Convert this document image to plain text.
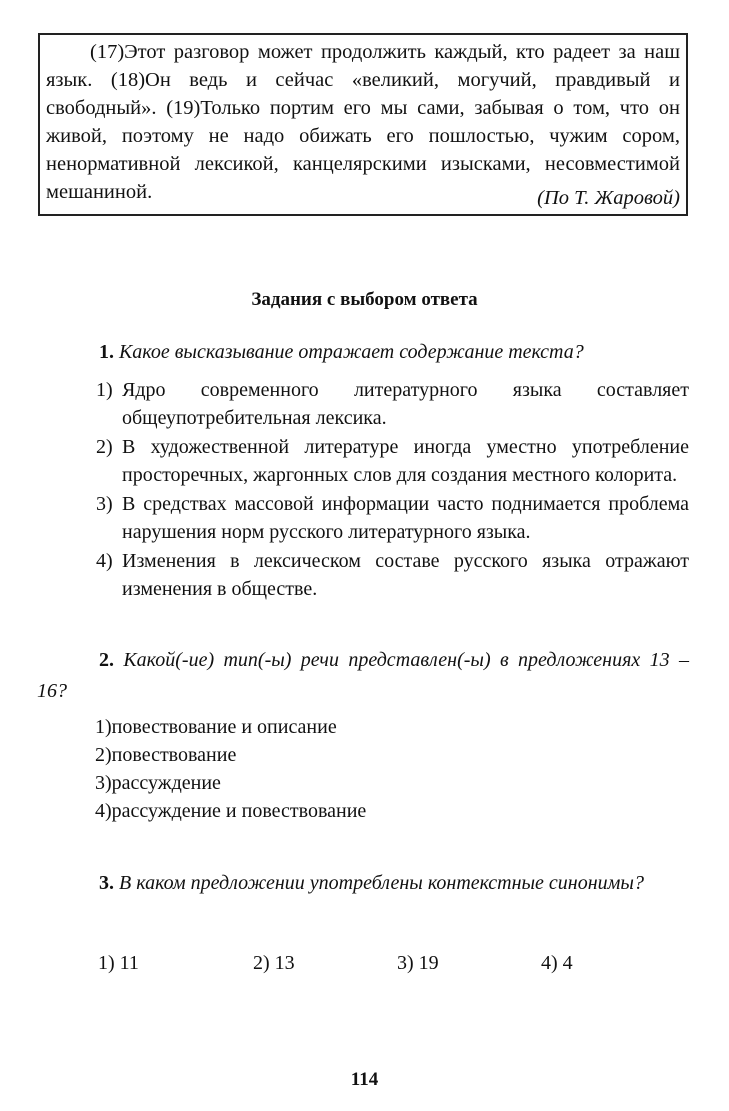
(17)Этот разговор может продолжить каждый, кто радеет за наш язык. (18)Он ведь и сейчас «великий, могучий, правдивый и свободный». (19)Только портим его мы сами, забывая о том, что он живой, поэтому не надо обижать его пошлостью, чужим сором, ненормативной лексикой, канцелярскими изысками, несовместимой мешаниной.	(По Т. Жаровой)
Задания с выбором ответа

1. Какое высказывание отражает содержание текста?

1) Ядро современного литературного языка составляет общеупотребительная лексика.
2) В художественной литературе иногда уместно употребление просторечных, жаргонных слов для создания местного колорита.
3) В средствах массовой информации часто поднимается проблема нарушения норм русского литературного языка.
4) Изменения в лексическом составе русского языка отражают изменения в обществе.

2. Какой(-ие) тип(-ы) речи представлен(-ы) в предложениях 13 – 16?

1)повествование и описание
2)повествование
3)рассуждение
4)рассуждение и повествование

3. В каком предложении употреблены контекстные синонимы?

1) 11	2) 13	3) 19	4) 4
114
